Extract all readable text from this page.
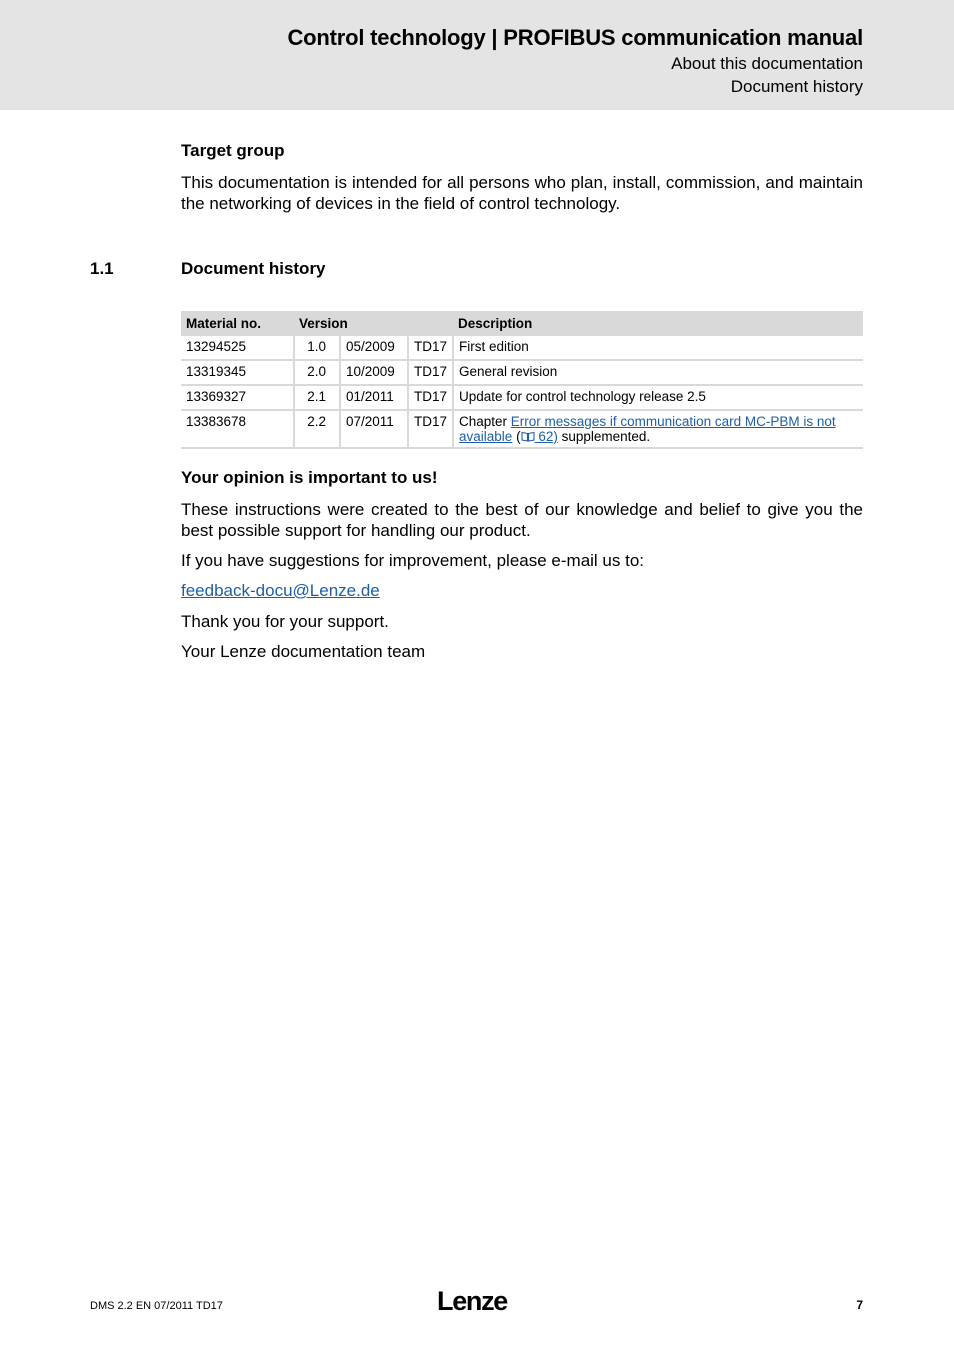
Control technology | PROFIBUS communication manual
About this documentation
Document history
Target group
This documentation is intended for all persons who plan, install, commission, and maintain the networking of devices in the field of control technology.
1.1	Document history
Material no.	Version			Description
13294525	1.0	05/2009	TD17	First edition
13319345	2.0	10/2009	TD17	General revision
13369327	2.1	01/2011	TD17	Update for control technology release 2.5
13383678	2.2	07/2011	TD17	Chapter Error messages if communication card MC-PBM is not available ( 62) supplemented.
Your opinion is important to us!
These instructions were created to the best of our knowledge and belief to give you the best possible support for handling our product.
If you have suggestions for improvement, please e-mail us to:
feedback-docu@Lenze.de
Thank you for your support.
Your Lenze documentation team
DMS 2.2 EN 07/2011 TD17	Lenze	7
